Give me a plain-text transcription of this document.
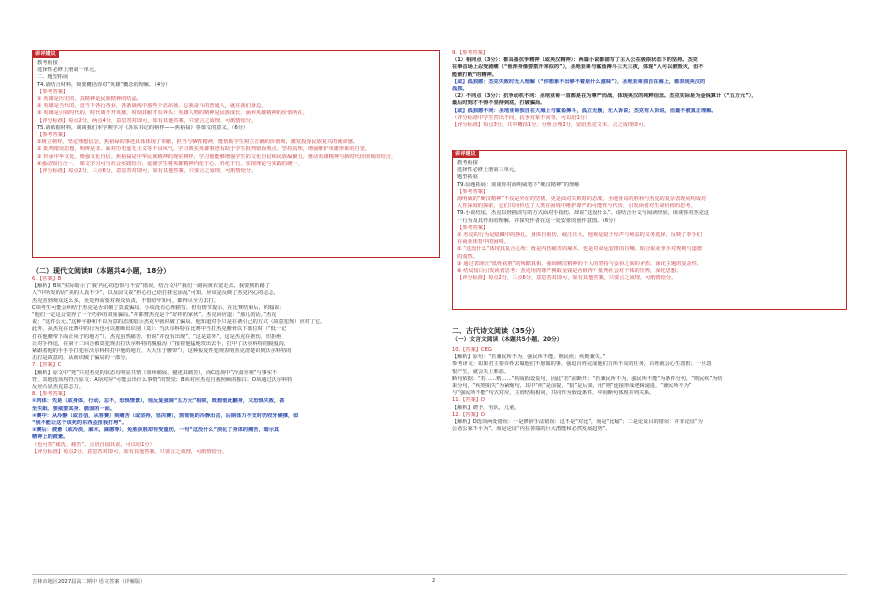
讲评建议
教考衔接
选择性必修上册第一单元。
二、题型拓展
T4.请结合材料，简要概括你对“英雄”概念的理解。（4分）
【参考答案】
① 英雄是历史的，其精神是民族精神的结晶。
② 英雄是当代的，竟当下各行各业、各条战线中那些个态昂扬、忘我奋斗的普通人，就在我们身边。
③ 英雄是引领时代的，时代离不开英雄，时刻其耐才有奔头；英雄人物的精神是民族成长、涵养英雄精神的价值所在。
【评分标准】每点2分，两点4分，意思答对即可，如有其他答案，只要言之成理，可酌情给分。
T5.请依据材料，谈谈我们本学期学习《苏东书记的榜样——焦裕禄》等课文的意义。（6分）
【参考答案】
①树立榜样，坚定理想信念。焦裕禄的事迹具体体现了奉献、担当与牺牲精神，能帮助学生树立正确的价值观，激发投身民族复兴的使命感。
② 批判错误思想，明辨是非。面对历史虚无主义等不良风气，学习典实英雄事迹有助于学生批判错误观点，坚持真理，增强维护英雄形象的自觉。
③ 传承中华文化，增强文化自信。焦裕禄是中华民族精神的现实榜样，学习他能够增强学生的文化自信和民族凝聚力，推动英雄精神与新时代价值观的结合。
④强动知行合一， 课文学习可与社会实践结合，促使学生将英雄精神内化于心、外化于行，实现理论与实践的统一。
【评分标准】每点2分，三点6分，意思答对即可，如有其他答案，只要言之成理，可酌情给分。
（二）现代文阅读Ⅱ（本题共4小题，18分）
6.【答案】B
【解析】B项“实际暗示了‘我’内心的恐惧与不安”错误。结合文中“我们一路向黄衣宽走去，我要到折路了
人”中所发的话“美的人真不少”，以及前文说“担心自己给打扰它添乱”可知，应该是反映了杰克内心的忐忑，
杰克害到观众这么多，更觉得需要对观众负责，不惜给牢知可，都得尽全力去打。
C项考生可能会纠结于杰克是否识破了莫麦骗局。小说没有心理描写，但有情节提示。在比赛结束后，约翰说：
“他们一定这会觉得了一个巧妙的双重骗局。”并都赞杰克是个“好样的家伙”。杰克回应道：“那儿的话。”杰克
说：“这件公元。”这种平静和不以为意的态度暗示杰克早就识破了骗局。他知道对手只是在诱引己的方式（故意犯规）应对了它。
此外，从杰克在比赛中的行为也可以推断出识别（莫）：当沃尔科特在比赛中当打杰克腰骨以下部位时（“低一记
打在他腰带下面正风子的地方”），杰克虽然痛苦，但说“并没有出现”、“这是意外”，这是杰克在推伤，但拒绝
让对手得逞，在第十二回合被莫犯规击打沃尔科特的腹股沟（“接着他猛地攻出去手，打中了沃尔科特的腹股沟，
紧跟着他的手手手打犯在沃尔科特打中他的地方，大大压于腰带”），这种报复性犯规表明杰克清楚识到沃尔科特的
击打是故意的，从而识破了骗局的一部分。
7.【答案】C
【解析】原文中“死”只对杰克的状态有明显共情（如疼痛展、描述其痛苦），而C选项中“冷漠旁观”与事实不
符，其他选项均符合原文：A项对应“可能会出什么事情”的警觉；B项对应杰克自我照顾的独白；D项通过沃尔科特
反应凸显杰克意志力。
8.【参考答案】
①肉体：先是（或身体，行动，忘不，恐惧情景），他反复强调“五万元”相联，既想借此翻身，又恐惧失败，甚
至失眠、要威要其身、脆弱的一面。
②赛中：从冷静（或自信，从容赛）到痛苦（或坚持，坚决赛），刻彻他的冷静出击，后期体力不支时仍咬牙硬撑，如
“我不能让这个该死的东西歪扭我打垮”。
③赛后：疲惫（或冷淡，麻木，麻感等），免胜获胜却有受重伤，一句“这没什么”淡化了身体的痛苦，暗示其
精神上的疲惫。
（也可答“痛洗、痛苦”，言语自圆其说，可以给1分）
【评分标准】每点2分，意思答对即可，如有其他答案，只要言之成理，可酌情给分。
9.【参考答案】
（1）相同点（3分）：都具备抗争精神（或英汉精神）：两篇小说都描写了主人公在极限状态下的坚持。杰克
在拳击场上忍受剧痛（“他浑身像要散开来似的”），圣地亚哥与鲨鱼搏斗三天三夜，体现“人可以被毁灭，但不
能被打败”的精神。
【或】孤独感：杰克失败时无人理解（“你想象不出够不着是什么滋味”），圣地亚哥独自在海上，都表现英汉的
孤独。
（2）不同点（3分）：抗争动机不同：圣地亚哥一直都是在为尊严而战，体现英汉的纯粹信念。杰克实际是为金钱算计（“五万元”），
最后时刻才不得不坚持到底，打破骗局。
【或】孤独感不同：圣地亚哥独自在大海上与鲨鱼搏斗，孤立无援，无人诉说；杰克有人诉说，但最不被真正理解。
（评分标准中学生答出不同，抗争对象不同等，可以给1分）
【评分标准】每点3分，共中概括1分，分析合理2分，留给杰克文本，言之成理即可。
讲评建议
教考衔接
选择性必修上册第三单元。
题型拓展
T9.原题拓展：谈谈你对海明威笔下“硬汉精神”的理解
【参考答案】
海明威的“硬汉精神”不仅是外在的坚韧，更是面对失败时的态度。圣地亚哥的胜利与杰克的复杂表现同构成对
人性深度的探索，它们共同传达了人类在困境中维护尊严的可能性与代价，引发读者对生命价值的思考。
T9.小说结尾，杰克以轻描淡写的方式面对手指伤，却说“这没什么”，请结合全文与阅读经验，谈谈你对杰克这
一行为及其作用的理解，并探究作者在这一处安排的创作意图。（6分）
【参考答案】
① 杰克的行为是隐藏中的挣扎。身体自重伤、疲注且大，他观是隐于厚声与利益的义务选择，反映了拳手们
在商业体育中的困境。
② “这没什么”体现其复合心理：既是内伤痛苦的麻木，也是对命运安排的自嘲，暗合职业拳手对规则与道德
的漠然。
③ 通过表现让“低姓获胜”的残酷真相，强调硬汉精神的个人的坚持与妥协之间的矛盾，深化主题的复杂性。
④ 结局留白引发读者思考：杰克用肉尊严换取金钱是否值得？批判社会对个体的压榨，深化思想。
【评分标准】每点2分，三点6分，意思答对即可，如有其他答案，只要言之成理，可酌情给分。
二、古代诗文阅读（35分）
（一）文言文阅读（本题共5小题，20分）
10.【答案】CEG
【解析】原句：“若兼民所不为，强民所不能，则民疾；疾则兼失。”
参考译文：如果君主要百姓去做他们不愿做的事，强迫百姓完成他们力所不及的任务，百姓就会心生怨恨；一旦怨
恨产生，就会失上邪恶。
断句依据：“若……则……”构成假设复句，因此“若”前断开；“若兼民所不为，强民所不能”为条件分句，“则民疾”为结
果分句，“疾则狷失”为紧缩句，其中“疾”是前提，“狷”是后果，用“则”连接形成逻辑递进。“兼民所不为”
与“强民所不能”句式对应，主谓结构相同，共同作为假设条件，中间断句体现并列关系。
11.【答案】D
【解析】聘予，劳队，儿童。
12.【答案】D
【解析】D选项两处错误：一是修辞手法错误：这不是“对比”，而是“比喻”；二是论证目的错误：并非论证“为
公者公家不平为”，而是论证“内在善端的巨大潜能和必然发展趋势”。
吉林市地区2027届高二期中 语文答案（详解版）	2
